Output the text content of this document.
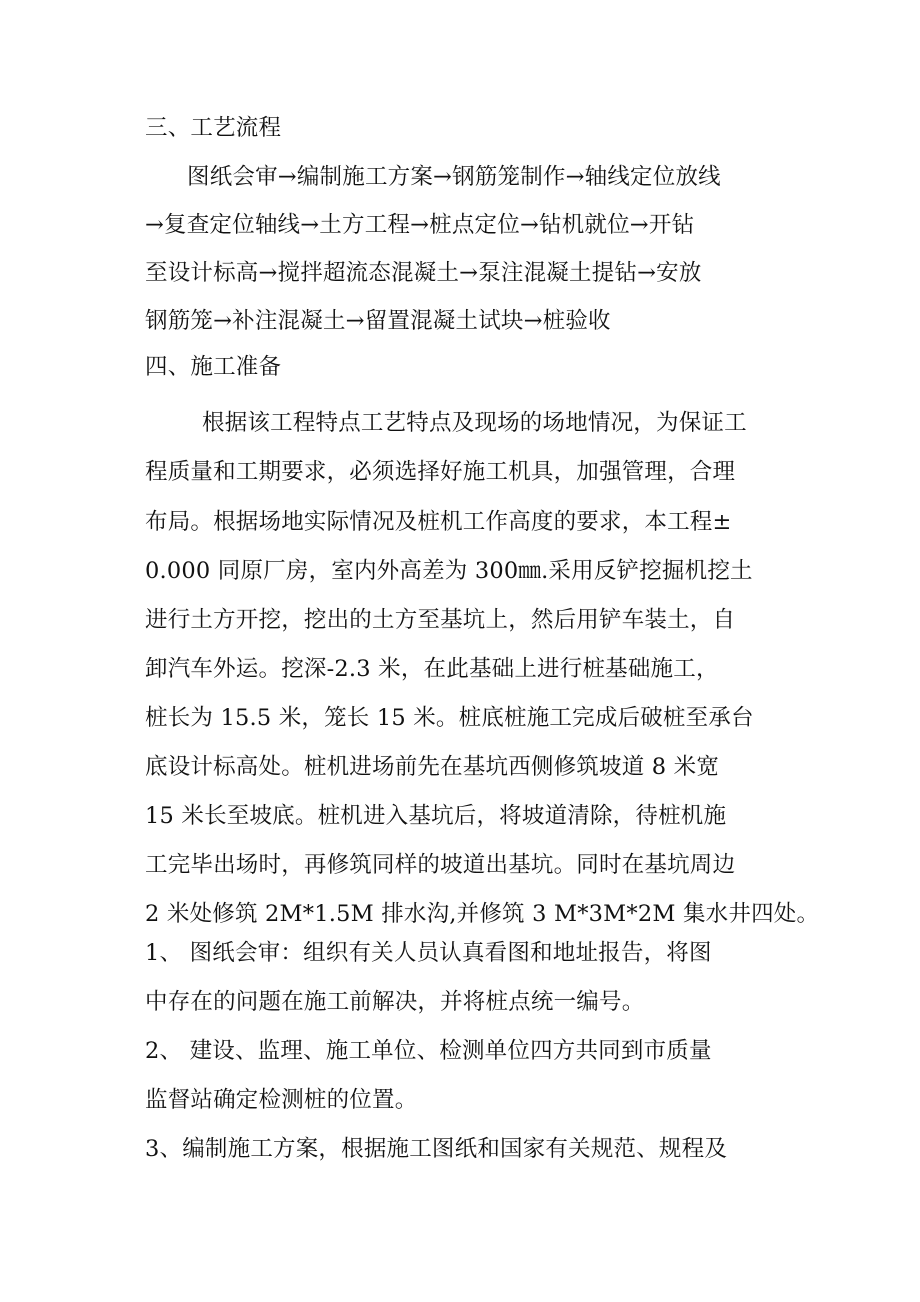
三、工艺流程
图纸会审→编制施工方案→钢筋笼制作→轴线定位放线
→复查定位轴线→土方工程→桩点定位→钻机就位→开钻
至设计标高→搅拌超流态混凝土→泵注混凝土提钻→安放
钢筋笼→补注混凝土→留置混凝土试块→桩验收
四、施工准备
根据该工程特点工艺特点及现场的场地情况，为保证工
程质量和工期要求，必须选择好施工机具，加强管理，合理
布局。根据场地实际情况及桩机工作高度的要求，本工程±
0.000 同原厂房，室内外高差为 300㎜.采用反铲挖掘机挖土
进行土方开挖，挖出的土方至基坑上，然后用铲车装土，自
卸汽车外运。挖深-2.3 米，在此基础上进行桩基础施工，
桩长为 15.5 米，笼长 15 米。桩底桩施工完成后破桩至承台
底设计标高处。桩机进场前先在基坑西侧修筑坡道 8 米宽
15 米长至坡底。桩机进入基坑后，将坡道清除，待桩机施
工完毕出场时，再修筑同样的坡道出基坑。同时在基坑周边
2 米处修筑 2M*1.5M 排水沟,并修筑 3 M*3M*2M 集水井四处。
1、 图纸会审：组织有关人员认真看图和地址报告，将图
中存在的问题在施工前解决，并将桩点统一编号。
2、 建设、监理、施工单位、检测单位四方共同到市质量
监督站确定检测桩的位置。
3、编制施工方案，根据施工图纸和国家有关规范、规程及
